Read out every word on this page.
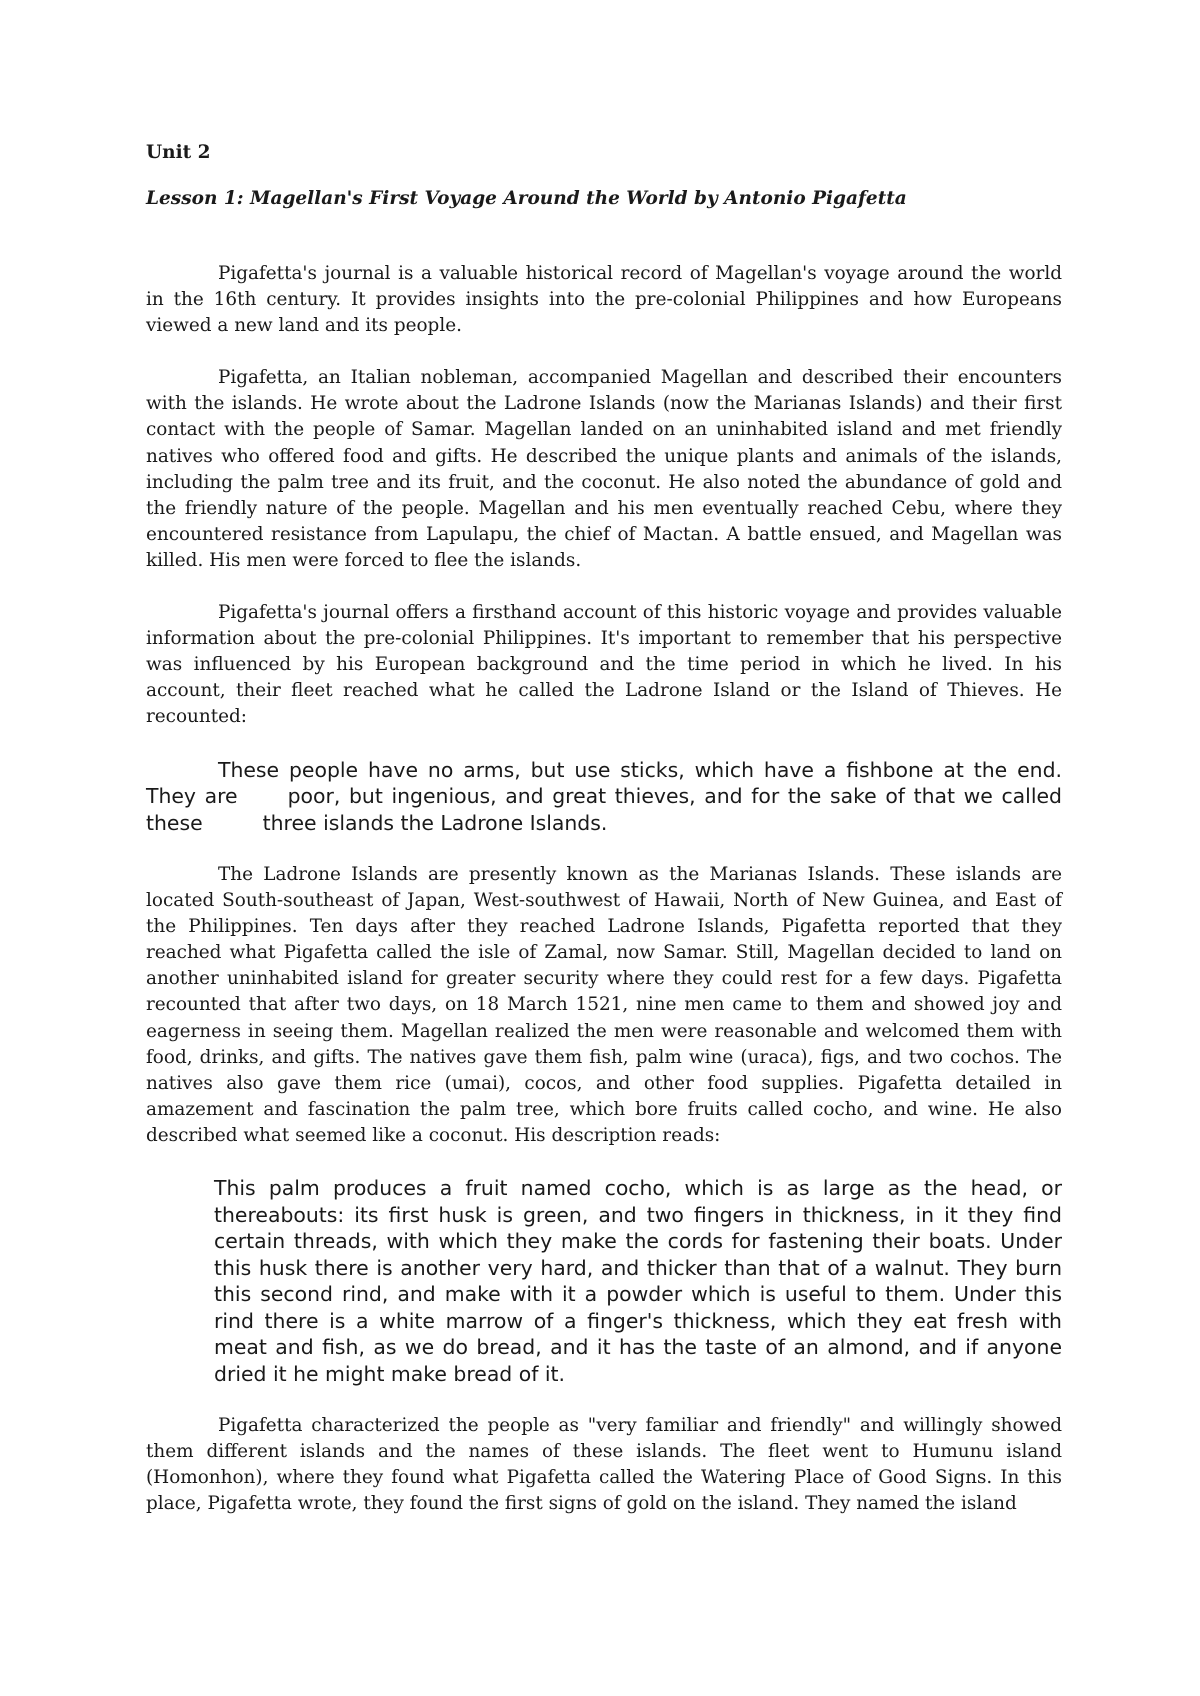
Unit 2
Lesson 1: Magellan's First Voyage Around the World by Antonio Pigafetta

Pigafetta's journal is a valuable historical record of Magellan's voyage around the world in the 16th century. It provides insights into the pre-colonial Philippines and how Europeans viewed a new land and its people.

Pigafetta, an Italian nobleman, accompanied Magellan and described their encounters with the islands. He wrote about the Ladrone Islands (now the Marianas Islands) and their first contact with the people of Samar. Magellan landed on an uninhabited island and met friendly natives who offered food and gifts. He described the unique plants and animals of the islands, including the palm tree and its fruit, and the coconut. He also noted the abundance of gold and the friendly nature of the people. Magellan and his men eventually reached Cebu, where they encountered resistance from Lapulapu, the chief of Mactan. A battle ensued, and Magellan was killed. His men were forced to flee the islands.

Pigafetta's journal offers a firsthand account of this historic voyage and provides valuable information about the pre-colonial Philippines. It's important to remember that his perspective was influenced by his European background and the time period in which he lived. In his account, their fleet reached what he called the Ladrone Island or the Island of Thieves. He recounted:

These people have no arms, but use sticks, which have a fishbone at the end. They are poor, but ingenious, and great thieves, and for the sake of that we called these	three islands the Ladrone Islands.

The Ladrone Islands are presently known as the Marianas Islands. These islands are located South-southeast of Japan, West-southwest of Hawaii, North of New Guinea, and East of the Philippines. Ten days after they reached Ladrone Islands, Pigafetta reported that they reached what Pigafetta called the isle of Zamal, now Samar. Still, Magellan decided to land on another uninhabited island for greater security where they could rest for a few days. Pigafetta recounted that after two days, on 18 March 1521, nine men came to them and showed joy and eagerness in seeing them. Magellan realized the men were reasonable and welcomed them with food, drinks, and gifts. The natives gave them fish, palm wine (uraca), figs, and two cochos. The natives also gave them rice (umai), cocos, and other food supplies. Pigafetta detailed in amazement and fascination the palm tree, which bore fruits called cocho, and wine. He also described what seemed like a coconut. His description reads:

This palm produces a fruit named cocho, which is as large as the head, or thereabouts: its first husk is green, and two fingers in thickness, in it they find certain threads, with which they make the cords for fastening their boats. Under this husk there is another very hard, and thicker than that of a walnut. They burn this second rind, and make with it a powder which is useful to them. Under this rind there is a white marrow of a finger's thickness, which they eat fresh with meat and fish, as we do bread, and it has the taste of an almond, and if anyone dried it he might make bread of it.

Pigafetta characterized the people as "very familiar and friendly" and willingly showed them different islands and the names of these islands. The fleet went to Humunu island (Homonhon), where they found what Pigafetta called the Watering Place of Good Signs. In this place, Pigafetta wrote, they found the first signs of gold on the island. They named the island
